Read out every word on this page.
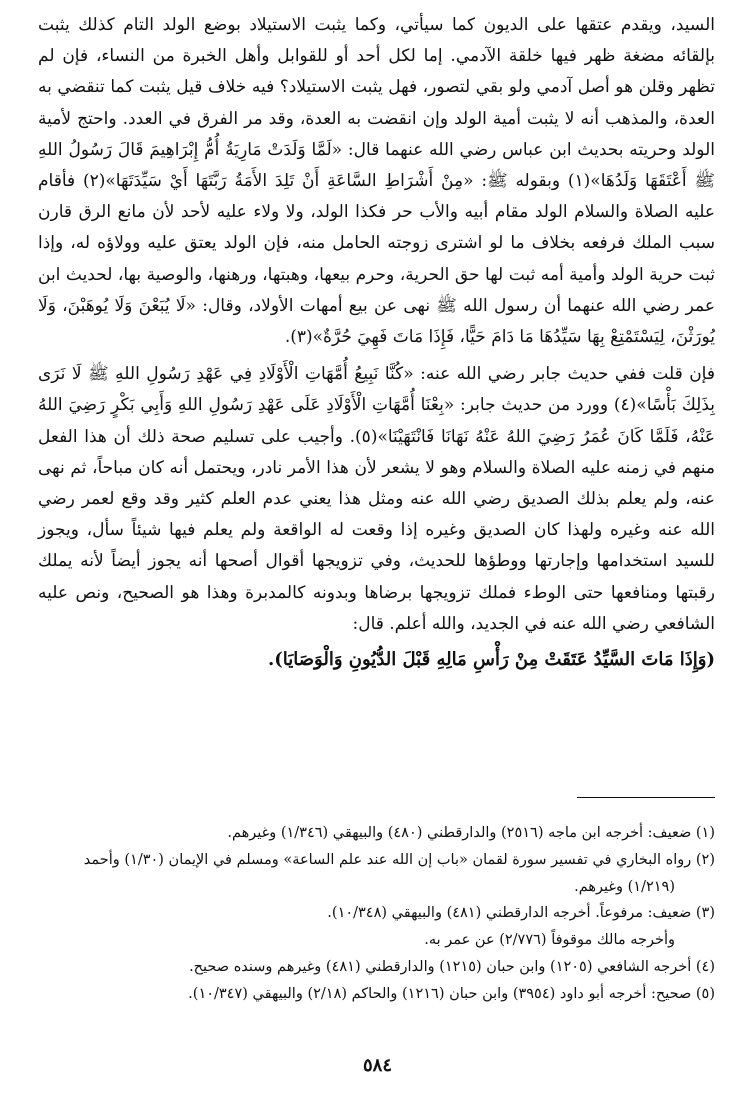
السيد، ويقدم عتقها على الديون كما سيأتي، وكما يثبت الاستيلاد بوضع الولد التام كذلك يثبت بإلقائه مضغة ظهر فيها خلقة الآدمي. إما لكل أحد أو للقوابل وأهل الخبرة من النساء، فإن لم تظهر وقلن هو أصل آدمي ولو بقي لتصور، فهل يثبت الاستيلاد؟ فيه خلاف قيل يثبت كما تنقضي به العدة، والمذهب أنه لا يثبت أمية الولد وإن انقضت به العدة، وقد مر الفرق في العدد. واحتج لأمية الولد وحريته بحديث ابن عباس رضي الله عنهما قال: «لَمَّا وَلَدَتْ مَارِيَةُ أُمُّ إِبْرَاهِيمَ قَالَ رَسُولُ اللهِ ﷺ أَعْتَقَهَا وَلَدُهَا»(١) وبقوله ﷺ: «مِنْ أَشْرَاطِ السَّاعَةِ أَنْ تَلِدَ الأَمَةُ رَبَّتَهَا أَيْ سَيِّدَتَهَا»(٢) فأقام عليه الصلاة والسلام الولد مقام أبيه والأب حر فكذا الولد، ولا ولاء عليه لأحد لأن مانع الرق قارن سبب الملك فرفعه بخلاف ما لو اشترى زوجته الحامل منه، فإن الولد يعتق عليه وولاؤه له، وإذا ثبت حرية الولد وأمية أمه ثبت لها حق الحرية، وحرم بيعها، وهبتها، ورهنها، والوصية بها، لحديث ابن عمر رضي الله عنهما أن رسول الله ﷺ نهى عن بيع أمهات الأولاد، وقال: «لَا يُبَعْنَ وَلَا يُوهَبْنَ، وَلَا يُورَثْنَ، لِيَسْتَمْتِعْ بِهَا سَيِّدُهَا مَا دَامَ حَيًّا، فَإِذَا مَاتَ فَهِيَ حُرَّةٌ»(٣).

فإن قلت ففي حديث جابر رضي الله عنه: «كُنَّا نَبِيعُ أُمَّهَاتِ الْأَوْلَادِ فِي عَهْدِ رَسُولِ اللهِ ﷺ لَا نَرَى بِذَلِكَ بَأْسًا»(٤) وورد من حديث جابر: «بِعْنَا أُمَّهَاتِ الْأَوْلَادِ عَلَى عَهْدِ رَسُولِ اللهِ وَأَبِي بَكْرٍ رَضِيَ اللهُ عَنْهُ، فَلَمَّا كَانَ عُمَرُ رَضِيَ اللهُ عَنْهُ نَهَانَا فَانْتَهَيْنَا»(٥). وأجيب على تسليم صحة ذلك أن هذا الفعل منهم في زمنه عليه الصلاة والسلام وهو لا يشعر لأن هذا الأمر نادر، ويحتمل أنه كان مباحاً، ثم نهى عنه، ولم يعلم بذلك الصديق رضي الله عنه ومثل هذا يعني عدم العلم كثير وقد وقع لعمر رضي الله عنه وغيره ولهذا كان الصديق وغيره إذا وقعت له الواقعة ولم يعلم فيها شيئاً سأل، ويجوز للسيد استخدامها وإجارتها ووطؤها للحديث، وفي تزويجها أقوال أصحها أنه يجوز أيضاً لأنه يملك رقبتها ومنافعها حتى الوطء فملك تزويجها برضاها وبدونه كالمدبرة وهذا هو الصحيح، ونص عليه الشافعي رضي الله عنه في الجديد، والله أعلم. قال:

(وَإِذَا مَاتَ السَّيِّدُ عَتَقَتْ مِنْ رَأْسِ مَالِهِ قَبْلَ الدُّيُونِ وَالْوَصَايَا).

(١) ضعيف: أخرجه ابن ماجه (٢٥١٦) والدارقطني (٤٨٠) والبيهقي (١/٣٤٦) وغيرهم.

(٢) رواه البخاري في تفسير سورة لقمان «باب إن الله عند علم الساعة» ومسلم في الإيمان (١/٣٠) وأحمد

(١/٢١٩) وغيرهم.

(٣) ضعيف: مرفوعاً. أخرجه الدارقطني (٤٨١) والبيهقي (١٠/٣٤٨).

وأخرجه مالك موقوفاً (٢/٧٧٦) عن عمر به.

(٤) أخرجه الشافعي (١٢٠٥) وابن حبان (١٢١٥) والدارقطني (٤٨١) وغيرهم وسنده صحيح.

(٥) صحيح: أخرجه أبو داود (٣٩٥٤) وابن حبان (١٢١٦) والحاكم (٢/١٨) والبيهقي (١٠/٣٤٧).

٥٨٤
